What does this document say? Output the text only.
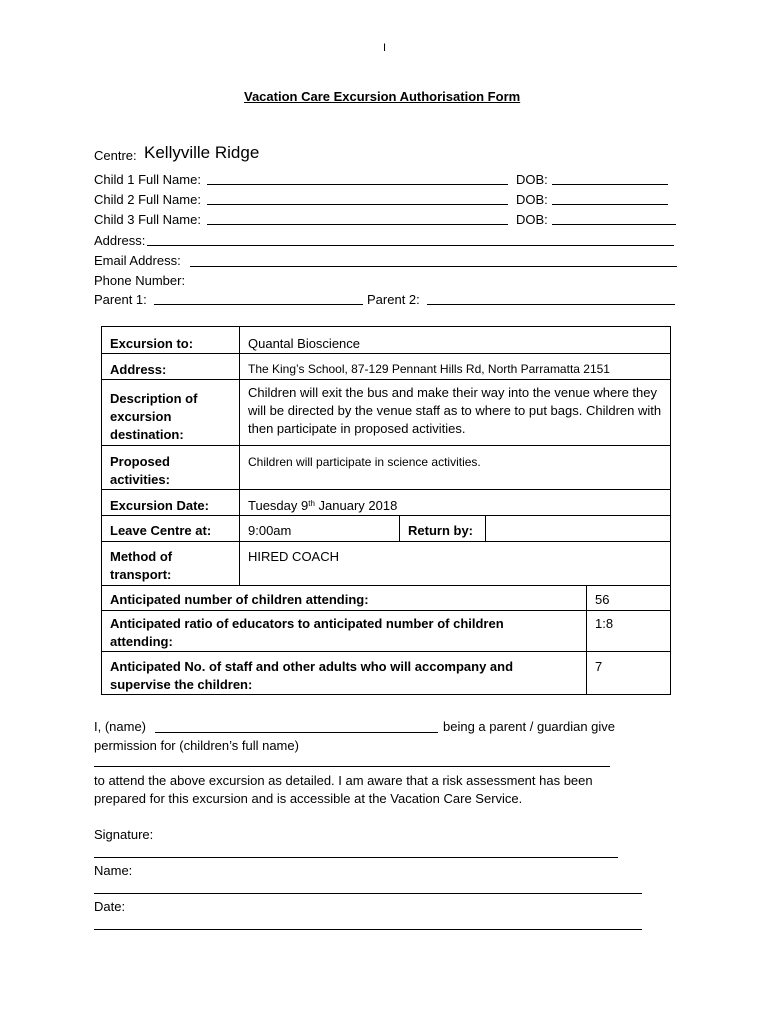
I
Vacation Care Excursion Authorisation Form
Centre: Kellyville Ridge
Child 1 Full Name:	DOB:
Child 2 Full Name:	DOB:
Child 3 Full Name:	DOB:
Address:
Email Address:
Phone Number:
Parent 1:	Parent 2:
Excursion to:	Quantal Bioscience			
Address:	The King’s School, 87-129 Pennant Hills Rd, North Parramatta 2151			
Description of excursion destination:	Children will exit the bus and make their way into the venue where they will be directed by the venue staff as to where to put bags. Children with then participate in proposed activities.			
Proposed activities:	Children will participate in science activities.			
Excursion Date:	Tuesday 9th January 2018			
Leave Centre at:	9:00am	Return by:		
Method of transport:	HIRED COACH			
Anticipated number of children attending:				56
Anticipated ratio of educators to anticipated number of children attending:				1:8
Anticipated No. of staff and other adults who will accompany and supervise the children:				7
I, (name)	being a parent / guardian give
permission for (children’s full name)
to attend the above excursion as detailed. I am aware that a risk assessment has been
prepared for this excursion and is accessible at the Vacation Care Service.
Signature:
Name:
Date:
